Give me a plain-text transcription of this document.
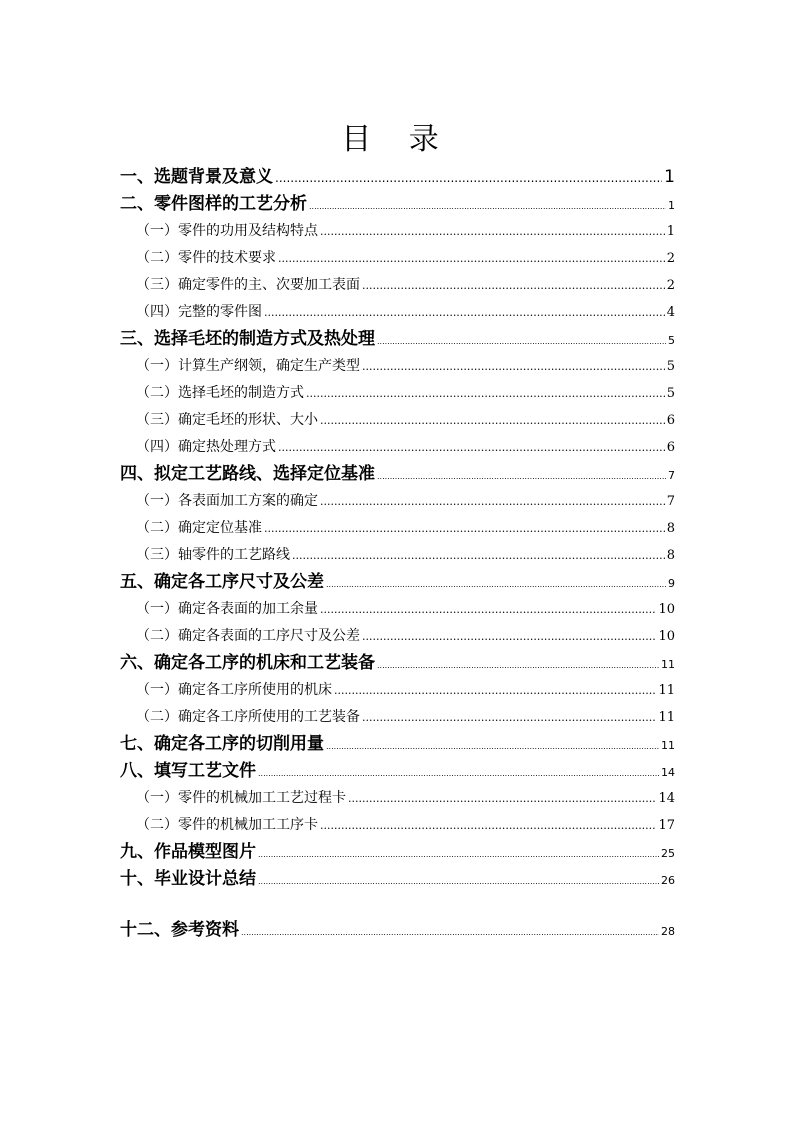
目 录
一、选题背景及意义 .....	1
二、零件图样的工艺分析 .....	1
（一）零件的功用及结构特点 .....	1
（二）零件的技术要求 .....	2
（三）确定零件的主、次要加工表面 .....	2
（四）完整的零件图 .....	4
三、选择毛坯的制造方式及热处理 .....	5
（一）计算生产纲领，确定生产类型 .....	5
（二）选择毛坯的制造方式 .....	5
（三）确定毛坯的形状、大小 .....	6
（四）确定热处理方式 .....	6
四、拟定工艺路线、选择定位基准 .....	7
（一）各表面加工方案的确定 .....	7
（二）确定定位基准 .....	8
（三）轴零件的工艺路线 .....	8
五、确定各工序尺寸及公差 .....	9
（一）确定各表面的加工余量 .....	10
（二）确定各表面的工序尺寸及公差 .....	10
六、确定各工序的机床和工艺装备 .....	11
（一）确定各工序所使用的机床 .....	11
（二）确定各工序所使用的工艺装备 .....	11
七、确定各工序的切削用量 .....	11
八、填写工艺文件 .....	14
（一）零件的机械加工工艺过程卡 .....	14
（二）零件的机械加工工序卡 .....	17
九、作品模型图片 .....	25
十、毕业设计总结 .....	26
十二、参考资料 .....	28
